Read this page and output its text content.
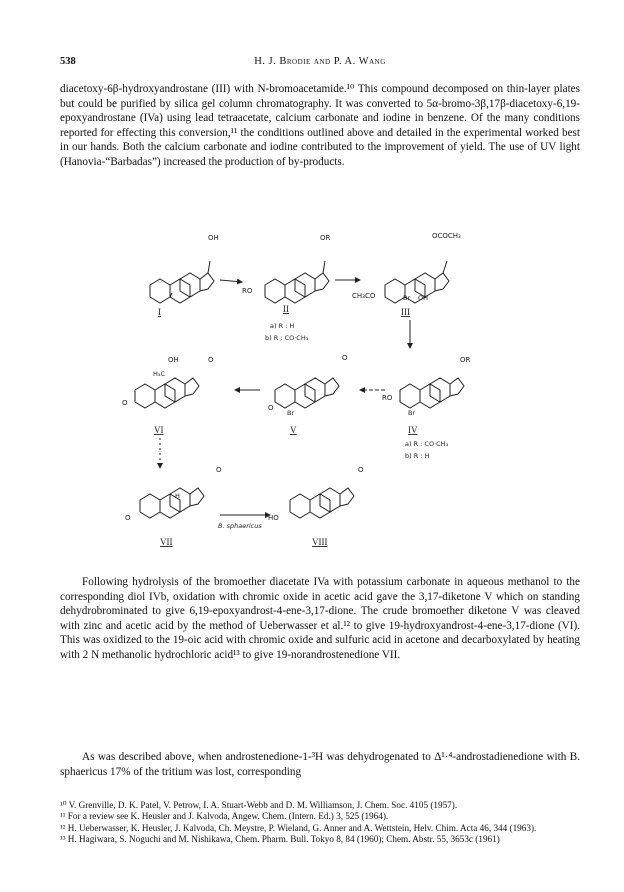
538	H. J. Brodie and P. A. Wang

diacetoxy-6β-hydroxyandrostane (III) with N-bromoacetamide.¹⁰ This compound decomposed on thin-layer plates but could be purified by silica gel column chromatography. It was converted to 5α-bromo-3β,17β-diacetoxy-6,19-epoxyandrostane (IVa) using lead tetraacetate, calcium carbonate and iodine in benzene. Of the many conditions reported for effecting this conversion,¹¹ the conditions outlined above and detailed in the experimental worked best in our hands. Both the calcium carbonate and iodine contributed to the improvement of yield. The use of UV light (Hanovia-“Barbadas”) increased the production of by-products.

OH
I
OR
RO
II
a) R : H
b) R : CO·CH₃
OCOCH₃
CH₃CO	Br OH
III
OH	O
H₃C
O
VI
O
O
Br
V
OR
RO
Br
IV
a) R : CO·CH₃
b) R : H
O
H
O
VII
B. sphaericus
O
HO
VIII

Following hydrolysis of the bromoether diacetate IVa with potassium carbonate in aqueous methanol to the corresponding diol IVb, oxidation with chromic oxide in acetic acid gave the 3,17-diketone V which on standing dehydrobrominated to give 6,19-epoxyandrost-4-ene-3,17-dione. The crude bromoether diketone V was cleaved with zinc and acetic acid by the method of Ueberwasser et al.¹² to give 19-hydroxyandrost-4-ene-3,17-dione (VI). This was oxidized to the 19-oic acid with chromic oxide and sulfuric acid in acetone and decarboxylated by heating with 2 N methanolic hydrochloric acid¹³ to give 19-norandrostenedione VII.

As was described above, when androstenedione-1-³H was dehydrogenated to Δ¹·⁴-androstadienedione with B. sphaericus 17% of the tritium was lost, corresponding

¹⁰ V. Grenville, D. K. Patel, V. Petrow, I. A. Stuart-Webb and D. M. Williamson, J. Chem. Soc. 4105 (1957).

¹¹ For a review see K. Heusler and J. Kalvoda, Angew. Chem. (Intern. Ed.) 3, 525 (1964).

¹² H. Ueberwasser, K. Heusler, J. Kalvoda, Ch. Meystre, P. Wieland, G. Anner and A. Wettstein, Helv. Chim. Acta 46, 344 (1963).

¹³ H. Hagiwara, S. Noguchi and M. Nishikawa, Chem. Pharm. Bull. Tokyo 8, 84 (1960); Chem. Abstr. 55, 3653c (1961)
